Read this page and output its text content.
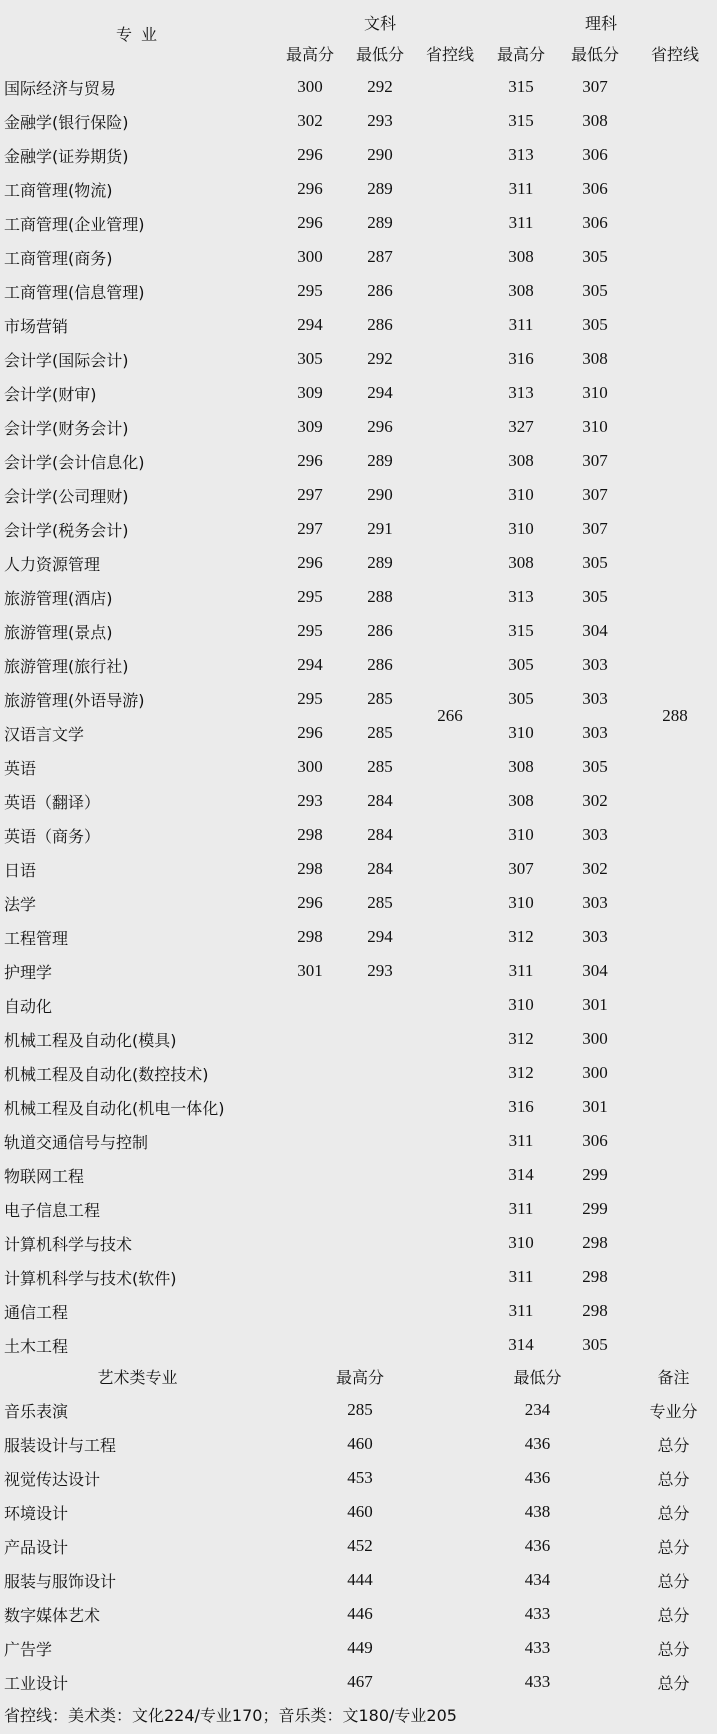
专 业	文科			理科		
	最高分	最低分	省控线	最高分	最低分	省控线
国际经济与贸易	300	292	266	315	307	288
金融学(银行保险)	302	293		315	308	
金融学(证券期货)	296	290		313	306	
工商管理(物流)	296	289		311	306	
工商管理(企业管理)	296	289		311	306	
工商管理(商务)	300	287		308	305	
工商管理(信息管理)	295	286		308	305	
市场营销	294	286		311	305	
会计学(国际会计)	305	292		316	308	
会计学(财审)	309	294		313	310	
会计学(财务会计)	309	296		327	310	
会计学(会计信息化)	296	289		308	307	
会计学(公司理财)	297	290		310	307	
会计学(税务会计)	297	291		310	307	
人力资源管理	296	289		308	305	
旅游管理(酒店)	295	288		313	305	
旅游管理(景点)	295	286		315	304	
旅游管理(旅行社)	294	286		305	303	
旅游管理(外语导游)	295	285		305	303	
汉语言文学	296	285		310	303	
英语	300	285		308	305	
英语（翻译）	293	284		308	302	
英语（商务）	298	284		310	303	
日语	298	284		307	302	
法学	296	285		310	303	
工程管理	298	294		312	303	
护理学	301	293		311	304	
自动化				310	301	
机械工程及自动化(模具)				312	300	
机械工程及自动化(数控技术)				312	300	
机械工程及自动化(机电一体化)				316	301	
轨道交通信号与控制				311	306	
物联网工程				314	299	
电子信息工程				311	299	
计算机科学与技术				310	298	
计算机科学与技术(软件)				311	298	
通信工程				311	298	
土木工程				314	305	
艺术类专业	最高分	最低分	备注
音乐表演	285	234	专业分
服装设计与工程	460	436	总分
视觉传达设计	453	436	总分
环境设计	460	438	总分
产品设计	452	436	总分
服装与服饰设计	444	434	总分
数字媒体艺术	446	433	总分
广告学	449	433	总分
工业设计	467	433	总分
省控线：美术类：文化224/专业170；音乐类：文180/专业205
